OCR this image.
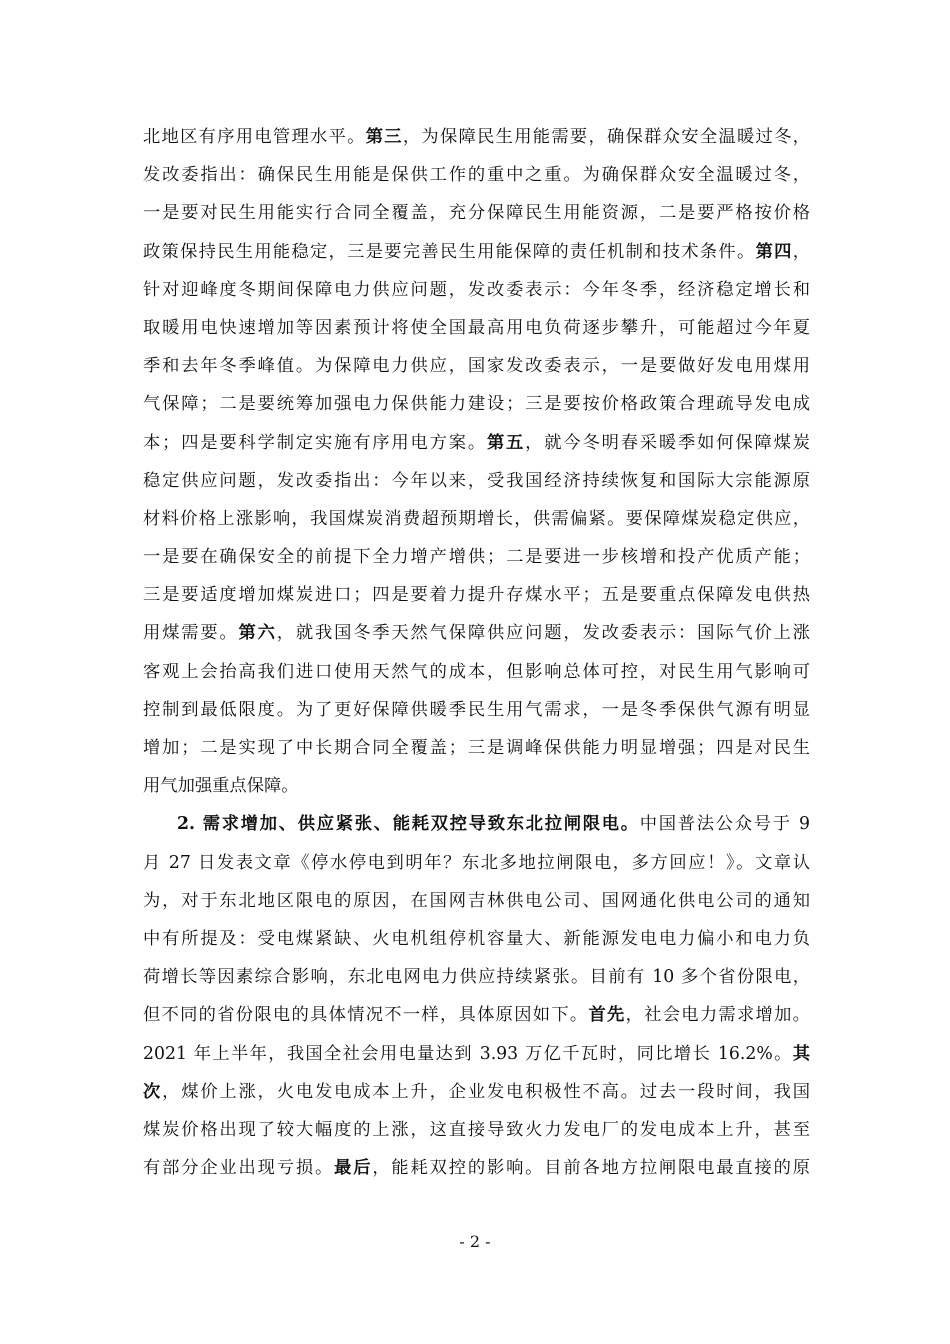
北地区有序用电管理水平。第三，为保障民生用能需要，确保群众安全温暖过冬，
发改委指出：确保民生用能是保供工作的重中之重。为确保群众安全温暖过冬，
一是要对民生用能实行合同全覆盖，充分保障民生用能资源，二是要严格按价格
政策保持民生用能稳定，三是要完善民生用能保障的责任机制和技术条件。第四，
针对迎峰度冬期间保障电力供应问题，发改委表示：今年冬季，经济稳定增长和
取暖用电快速增加等因素预计将使全国最高用电负荷逐步攀升，可能超过今年夏
季和去年冬季峰值。为保障电力供应，国家发改委表示，一是要做好发电用煤用
气保障；二是要统筹加强电力保供能力建设；三是要按价格政策合理疏导发电成
本；四是要科学制定实施有序用电方案。第五，就今冬明春采暖季如何保障煤炭
稳定供应问题，发改委指出：今年以来，受我国经济持续恢复和国际大宗能源原
材料价格上涨影响，我国煤炭消费超预期增长，供需偏紧。要保障煤炭稳定供应，
一是要在确保安全的前提下全力增产增供；二是要进一步核增和投产优质产能；
三是要适度增加煤炭进口；四是要着力提升存煤水平；五是要重点保障发电供热
用煤需要。第六，就我国冬季天然气保障供应问题，发改委表示：国际气价上涨
客观上会抬高我们进口使用天然气的成本，但影响总体可控，对民生用气影响可
控制到最低限度。为了更好保障供暖季民生用气需求，一是冬季保供气源有明显
增加；二是实现了中长期合同全覆盖；三是调峰保供能力明显增强；四是对民生
用气加强重点保障。
2. 需求增加、供应紧张、能耗双控导致东北拉闸限电。中国普法公众号于 9
月 27 日发表文章《停水停电到明年？东北多地拉闸限电，多方回应！》。文章认
为，对于东北地区限电的原因，在国网吉林供电公司、国网通化供电公司的通知
中有所提及：受电煤紧缺、火电机组停机容量大、新能源发电电力偏小和电力负
荷增长等因素综合影响，东北电网电力供应持续紧张。目前有 10 多个省份限电，
但不同的省份限电的具体情况不一样，具体原因如下。首先，社会电力需求增加。
2021 年上半年，我国全社会用电量达到 3.93 万亿千瓦时，同比增长 16.2%。其
次，煤价上涨，火电发电成本上升，企业发电积极性不高。过去一段时间，我国
煤炭价格出现了较大幅度的上涨，这直接导致火力发电厂的发电成本上升，甚至
有部分企业出现亏损。最后，能耗双控的影响。目前各地方拉闸限电最直接的原
- 2 -
